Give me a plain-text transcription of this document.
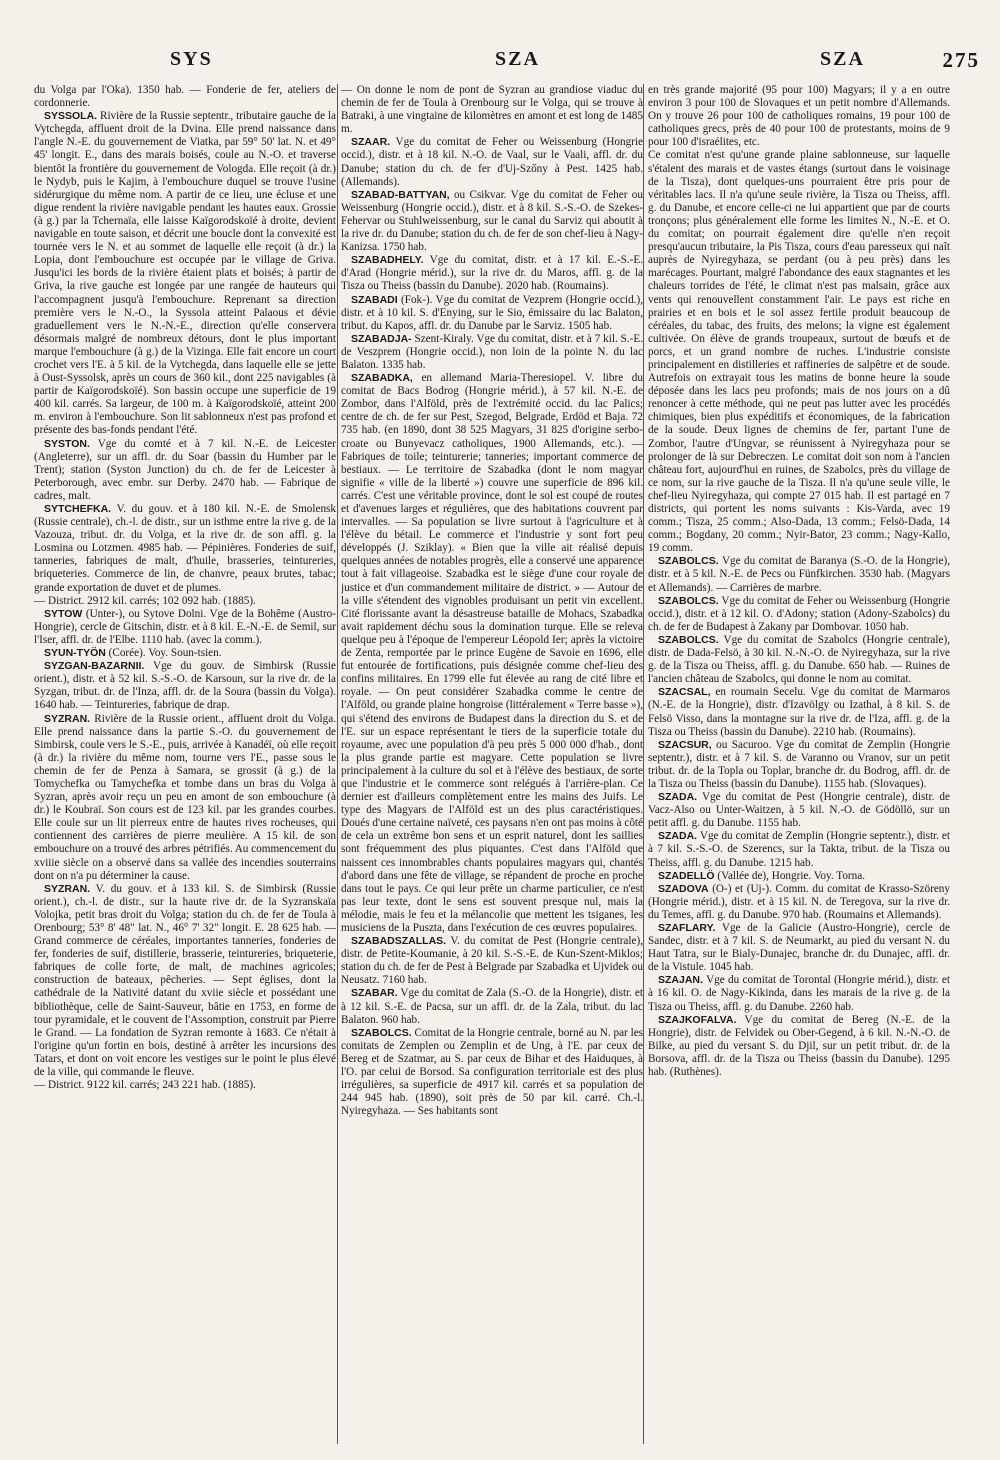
SYS	SZA	SZA	275

du Volga par l'Oka). 1350 hab. — Fonderie de fer, ateliers de cordonnerie.

SYSSOLA. Rivière de la Russie septentr., tributaire gauche de la Vytchegda, affluent droit de la Dvina. Elle prend naissance dans l'angle N.-E. du gouvernement de Viatka, par 59° 50' lat. N. et 49° 45' longit. E., dans des marais boisés, coule au N.-O. et traverse bientôt la frontière du gouvernement de Vologda. Elle reçoit (à dr.) le Nydyb, puis le Kajim, à l'embouchure duquel se trouve l'usine sidérurgique du même nom. A partir de ce lieu, une écluse et une digue rendent la rivière navigable pendant les hautes eaux. Grossie (à g.) par la Tchernaïa, elle laisse Kaïgorodskoïé à droite, devient navigable en toute saison, et décrit une boucle dont la convexité est tournée vers le N. et au sommet de laquelle elle reçoit (à dr.) la Lopia, dont l'embouchure est occupée par le village de Griva. Jusqu'ici les bords de la rivière étaient plats et boisés; à partir de Griva, la rive gauche est longée par une rangée de hauteurs qui l'accompagnent jusqu'à l'embouchure. Reprenant sa direction première vers le N.-O., la Syssola atteint Palaous et dévie graduellement vers le N.-N.-E., direction qu'elle conservera désormais malgré de nombreux détours, dont le plus important marque l'embouchure (à g.) de la Vizinga. Elle fait encore un court crochet vers l'E. à 5 kil. de la Vytchegda, dans laquelle elle se jette à Oust-Syssolsk, après un cours de 360 kil., dont 225 navigables (à partir de Kaïgorodskoïé). Son bassin occupe une superficie de 19 400 kil. carrés. Sa largeur, de 100 m. à Kaïgorodskoïé, atteint 200 m. environ à l'embouchure. Son lit sablonneux n'est pas profond et présente des bas-fonds pendant l'été.

SYSTON. Vge du comté et à 7 kil. N.-E. de Leicester (Angleterre), sur un affl. dr. du Soar (bassin du Humber par le Trent); station (Syston Junction) du ch. de fer de Leicester à Peterborough, avec embr. sur Derby. 2470 hab. — Fabrique de cadres, malt.

SYTCHEFKA. V. du gouv. et à 180 kil. N.-E. de Smolensk (Russie centrale), ch.-l. de distr., sur un isthme entre la rive g. de la Vazouza, tribut. dr. du Volga, et la rive dr. de son affl. g. la Losmina ou Lotzmen. 4985 hab. — Pépinières. Fonderies de suif, tanneries, fabriques de malt, d'huile, brasseries, teintureries, briqueteries. Commerce de lin, de chanvre, peaux brutes, tabac; grande exportation de duvet et de plumes.

— District. 2912 kil. carrés; 102 092 hab. (1885).

SYTOW (Unter-), ou Sytove Dolni. Vge de la Bohême (Austro-Hongrie), cercle de Gitschin, distr. et à 8 kil. E.-N.-E. de Semil, sur l'Iser, affl. dr. de l'Elbe. 1110 hab. (avec la comm.).

SYUN-TYÖN (Corée). Voy. Soun-tsien.

SYZGAN-BAZARNII. Vge du gouv. de Simbirsk (Russie orient.), distr. et à 52 kil. S.-S.-O. de Karsoun, sur la rive dr. de la Syzgan, tribut. dr. de l'Inza, affl. dr. de la Soura (bassin du Volga). 1640 hab. — Teintureries, fabrique de drap.

SYZRAN. Rivière de la Russie orient., affluent droit du Volga. Elle prend naissance dans la partie S.-O. du gouvernement de Simbirsk, coule vers le S.-E., puis, arrivée à Kanadéï, où elle reçoit (à dr.) la rivière du même nom, tourne vers l'E., passe sous le chemin de fer de Penza à Samara, se grossit (à g.) de la Tomychefka ou Tamychefka et tombe dans un bras du Volga à Syzran, après avoir reçu un peu en amont de son embouchure (à dr.) le Koubraï. Son cours est de 123 kil. par les grandes courbes. Elle coule sur un lit pierreux entre de hautes rives rocheuses, qui contiennent des carrières de pierre meulière. A 15 kil. de son embouchure on a trouvé des arbres pétrifiés. Au commencement du xviiie siècle on a observé dans sa vallée des incendies souterrains dont on n'a pu déterminer la cause.

SYZRAN. V. du gouv. et à 133 kil. S. de Simbirsk (Russie orient.), ch.-l. de distr., sur la haute rive dr. de la Syzranskaïa Volojka, petit bras droit du Volga; station du ch. de fer de Toula à Orenbourg; 53° 8' 48" lat. N., 46° 7' 32" longit. E. 28 625 hab. — Grand commerce de céréales, importantes tanneries, fonderies de fer, fonderies de suif, distillerie, brasserie, teintureries, briqueterie, fabriques de colle forte, de malt, de machines agricoles; construction de bateaux, pêcheries. — Sept églises, dont la cathédrale de la Nativité datant du xviie siècle et possédant une bibliothèque, celle de Saint-Sauveur, bâtie en 1753, en forme de tour pyramidale, et le couvent de l'Assomption, construit par Pierre le Grand. — La fondation de Syzran remonte à 1683. Ce n'était à l'origine qu'un fortin en bois, destiné à arrêter les incursions des Tatars, et dont on voit encore les vestiges sur le point le plus élevé de la ville, qui commande le fleuve.

— District. 9122 kil. carrés; 243 221 hab. (1885).

— On donne le nom de pont de Syzran au grandiose viaduc du chemin de fer de Toula à Orenbourg sur le Volga, qui se trouve à Batraki, à une vingtaine de kilomètres en amont et est long de 1485 m.

SZAAR. Vge du comitat de Feher ou Weissenburg (Hongrie occid.), distr. et à 18 kil. N.-O. de Vaal, sur le Vaali, affl. dr. du Danube; station du ch. de fer d'Uj-Szőny à Pest. 1425 hab. (Allemands).

SZABAD-BATTYAN, ou Csikvar. Vge du comitat de Feher ou Weissenburg (Hongrie occid.), distr. et à 8 kil. S.-S.-O. de Szekes-Fehervar ou Stuhlweissenburg, sur le canal du Sarviz qui aboutit à la rive dr. du Danube; station du ch. de fer de son chef-lieu à Nagy-Kanizsa. 1750 hab.

SZABADHELY. Vge du comitat, distr. et à 17 kil. E.-S.-E. d'Arad (Hongrie mérid.), sur la rive dr. du Maros, affl. g. de la Tisza ou Theiss (bassin du Danube). 2020 hab. (Roumains).

SZABADI (Fok-). Vge du comitat de Vezprem (Hongrie occid.), distr. et à 10 kil. S. d'Enying, sur le Sio, émissaire du lac Balaton, tribut. du Kapos, affl. dr. du Danube par le Sarviz. 1505 hab.

SZABADJA- Szent-Kiraly. Vge du comitat, distr. et à 7 kil. S.-E. de Veszprem (Hongrie occid.), non loin de la pointe N. du lac Balaton. 1335 hab.

SZABADKA, en allemand Maria-Theresiopel. V. libre du comitat de Bacs Bodrog (Hongrie mérid.), à 57 kil. N.-E. de Zombor, dans l'Alföld, près de l'extrémité occid. du lac Palics; centre de ch. de fer sur Pest, Szegod, Belgrade, Erdöd et Baja. 72 735 hab. (en 1890, dont 38 525 Magyars, 31 825 d'origine serbo-croate ou Bunyevacz catholiques, 1900 Allemands, etc.). — Fabriques de toile; teinturerie; tanneries; important commerce de bestiaux. — Le territoire de Szabadka (dont le nom magyar signifie « ville de la liberté ») couvre une superficie de 896 kil. carrés. C'est une véritable province, dont le sol est coupé de routes et d'avenues larges et régulières, que des habitations couvrent par intervalles. — Sa population se livre surtout à l'agriculture et à l'élève du bétail. Le commerce et l'industrie y sont fort peu développés (J. Sziklay). « Bien que la ville ait réalisé depuis quelques années de notables progrès, elle a conservé une apparence tout à fait villageoise. Szabadka est le siège d'une cour royale de justice et d'un commandement militaire de district. » — Autour de la ville s'étendent des vignobles produisant un petit vin excellent. Cité florissante avant la désastreuse bataille de Mohacs, Szabadka avait rapidement déchu sous la domination turque. Elle se releva quelque peu à l'époque de l'empereur Léopold Ier; après la victoire de Zenta, remportée par le prince Eugène de Savoie en 1696, elle fut entourée de fortifications, puis désignée comme chef-lieu des confins militaires. En 1799 elle fut élevée au rang de cité libre et royale. — On peut considérer Szabadka comme le centre de l'Alföld, ou grande plaine hongroise (littéralement « Terre basse »), qui s'étend des environs de Budapest dans la direction du S. et de l'E. sur un espace représentant le tiers de la superficie totale du royaume, avec une population d'à peu près 5 000 000 d'hab., dont la plus grande partie est magyare. Cette population se livre principalement à la culture du sol et à l'élève des bestiaux, de sorte que l'industrie et le commerce sont relégués à l'arrière-plan. Ce dernier est d'ailleurs complètement entre les mains des Juifs. Le type des Magyars de l'Alföld est un des plus caractéristiques. Doués d'une certaine naïveté, ces paysans n'en ont pas moins à côté de cela un extrême bon sens et un esprit naturel, dont les saillies sont fréquemment des plus piquantes. C'est dans l'Alföld que naissent ces innombrables chants populaires magyars qui, chantés d'abord dans une fête de village, se répandent de proche en proche dans tout le pays. Ce qui leur prête un charme particulier, ce n'est pas leur texte, dont le sens est souvent presque nul, mais la mélodie, mais le feu et la mélancolie que mettent les tsiganes, les musiciens de la Puszta, dans l'exécution de ces œuvres populaires.

SZABADSZALLAS. V. du comitat de Pest (Hongrie centrale), distr. de Petite-Koumanie, à 20 kil. S.-S.-E. de Kun-Szent-Miklos; station du ch. de fer de Pest à Belgrade par Szabadka et Ujvidek ou Neusatz. 7160 hab.

SZABAR. Vge du comitat de Zala (S.-O. de la Hongrie), distr. et à 12 kil. S.-E. de Pacsa, sur un affl. dr. de la Zala, tribut. du lac Balaton. 960 hab.

SZABOLCS. Comitat de la Hongrie centrale, borné au N. par les comitats de Zemplen ou Zemplin et de Ung, à l'E. par ceux de Bereg et de Szatmar, au S. par ceux de Bihar et des Haiduques, à l'O. par celui de Borsod. Sa configuration territoriale est des plus irrégulières, sa superficie de 4917 kil. carrés et sa population de 244 945 hab. (1890), soit près de 50 par kil. carré. Ch.-l. Nyiregyhaza. — Ses habitants sont

en très grande majorité (95 pour 100) Magyars; il y a en outre environ 3 pour 100 de Slovaques et un petit nombre d'Allemands. On y trouve 26 pour 100 de catholiques romains, 19 pour 100 de catholiques grecs, près de 40 pour 100 de protestants, moins de 9 pour 100 d'israélites, etc.

Ce comitat n'est qu'une grande plaine sablonneuse, sur laquelle s'étalent des marais et de vastes étangs (surtout dans le voisinage de la Tisza), dont quelques-uns pourraient être pris pour de véritables lacs. Il n'a qu'une seule rivière, la Tisza ou Theiss, affl. g. du Danube, et encore celle-ci ne lui appartient que par de courts tronçons; plus généralement elle forme les limites N., N.-E. et O. du comitat; on pourrait également dire qu'elle n'en reçoit presqu'aucun tributaire, la Pis Tisza, cours d'eau paresseux qui naît auprès de Nyiregyhaza, se perdant (ou à peu près) dans les marécages. Pourtant, malgré l'abondance des eaux stagnantes et les chaleurs torrides de l'été, le climat n'est pas malsain, grâce aux vents qui renouvellent constamment l'air. Le pays est riche en prairies et en bois et le sol assez fertile produit beaucoup de céréales, du tabac, des fruits, des melons; la vigne est également cultivée. On élève de grands troupeaux, surtout de bœufs et de porcs, et un grand nombre de ruches. L'industrie consiste principalement en distilleries et raffineries de salpêtre et de soude. Autrefois on extrayait tous les matins de bonne heure la soude déposée dans les lacs peu profonds; mais de nos jours on a dû renoncer à cette méthode, qui ne peut pas lutter avec les procédés chimiques, bien plus expéditifs et économiques, de la fabrication de la soude. Deux lignes de chemins de fer, partant l'une de Zombor, l'autre d'Ungvar, se réunissent à Nyiregyhaza pour se prolonger de là sur Debreczen. Le comitat doit son nom à l'ancien château fort, aujourd'hui en ruines, de Szabolcs, près du village de ce nom, sur la rive gauche de la Tisza. Il n'a qu'une seule ville, le chef-lieu Nyiregyhaza, qui compte 27 015 hab. Il est partagé en 7 districts, qui portent les noms suivants : Kis-Varda, avec 19 comm.; Tisza, 25 comm.; Also-Dada, 13 comm.; Felsö-Dada, 14 comm.; Bogdany, 20 comm.; Nyir-Bator, 23 comm.; Nagy-Kallo, 19 comm.

SZABOLCS. Vge du comitat de Baranya (S.-O. de la Hongrie), distr. et à 5 kil. N.-E. de Pecs ou Fünfkirchen. 3530 hab. (Magyars et Allemands). — Carrières de marbre.

SZABOLCS. Vge du comitat de Feher ou Weissenburg (Hongrie occid.), distr. et à 12 kil. O. d'Adony; station (Adony-Szabolcs) du ch. de fer de Budapest à Zakany par Dombovar. 1050 hab.

SZABOLCS. Vge du comitat de Szabolcs (Hongrie centrale), distr. de Dada-Felsö, à 30 kil. N.-N.-O. de Nyiregyhaza, sur la rive g. de la Tisza ou Theiss, affl. g. du Danube. 650 hab. — Ruines de l'ancien château de Szabolcs, qui donne le nom au comitat.

SZACSAL, en roumain Secelu. Vge du comitat de Marmaros (N.-E. de la Hongrie), distr. d'Izavölgy ou Izathal, à 8 kil. S. de Felsö Visso, dans la montagne sur la rive dr. de l'Iza, affl. g. de la Tisza ou Theiss (bassin du Danube). 2210 hab. (Roumains).

SZACSUR, ou Sacuroo. Vge du comitat de Zemplin (Hongrie septentr.), distr. et à 7 kil. S. de Varanno ou Vranov, sur un petit tribut. dr. de la Topla ou Toplar, branche dr. du Bodrog, affl. dr. de la Tisza ou Theiss (bassin du Danube). 1155 hab. (Slovaques).

SZADA. Vge du comitat de Pest (Hongrie centrale), distr. de Vacz-Also ou Unter-Waitzen, à 5 kil. N.-O. de Gödöllö, sur un petit affl. g. du Danube. 1155 hab.

SZADA. Vge du comitat de Zemplin (Hongrie septentr.), distr. et à 7 kil. S.-S.-O. de Szerencs, sur la Takta, tribut. de la Tisza ou Theiss, affl. g. du Danube. 1215 hab.

SZADELLÖ (Vallée de), Hongrie. Voy. Torna.

SZADOVA (O-) et (Uj-). Comm. du comitat de Krasso-Szöreny (Hongrie mérid.), distr. et à 15 kil. N. de Teregova, sur la rive dr. du Temes, affl. g. du Danube. 970 hab. (Roumains et Allemands).

SZAFLARY. Vge de la Galicie (Austro-Hongrie), cercle de Sandec, distr. et à 7 kil. S. de Neumarkt, au pied du versant N. du Haut Tatra, sur le Bialy-Dunajec, branche dr. du Dunajec, affl. dr. de la Vistule. 1045 hab.

SZAJAN. Vge du comitat de Torontal (Hongrie mérid.), distr. et à 16 kil. O. de Nagy-Kikinda, dans les marais de la rive g. de la Tisza ou Theiss, affl. g. du Danube. 2260 hab.

SZAJKOFALVA. Vge du comitat de Bereg (N.-E. de la Hongrie), distr. de Felvidek ou Ober-Gegend, à 6 kil. N.-N.-O. de Bilke, au pied du versant S. du Djil, sur un petit tribut. dr. de la Borsova, affl. dr. de la Tisza ou Theiss (bassin du Danube). 1295 hab. (Ruthènes).
